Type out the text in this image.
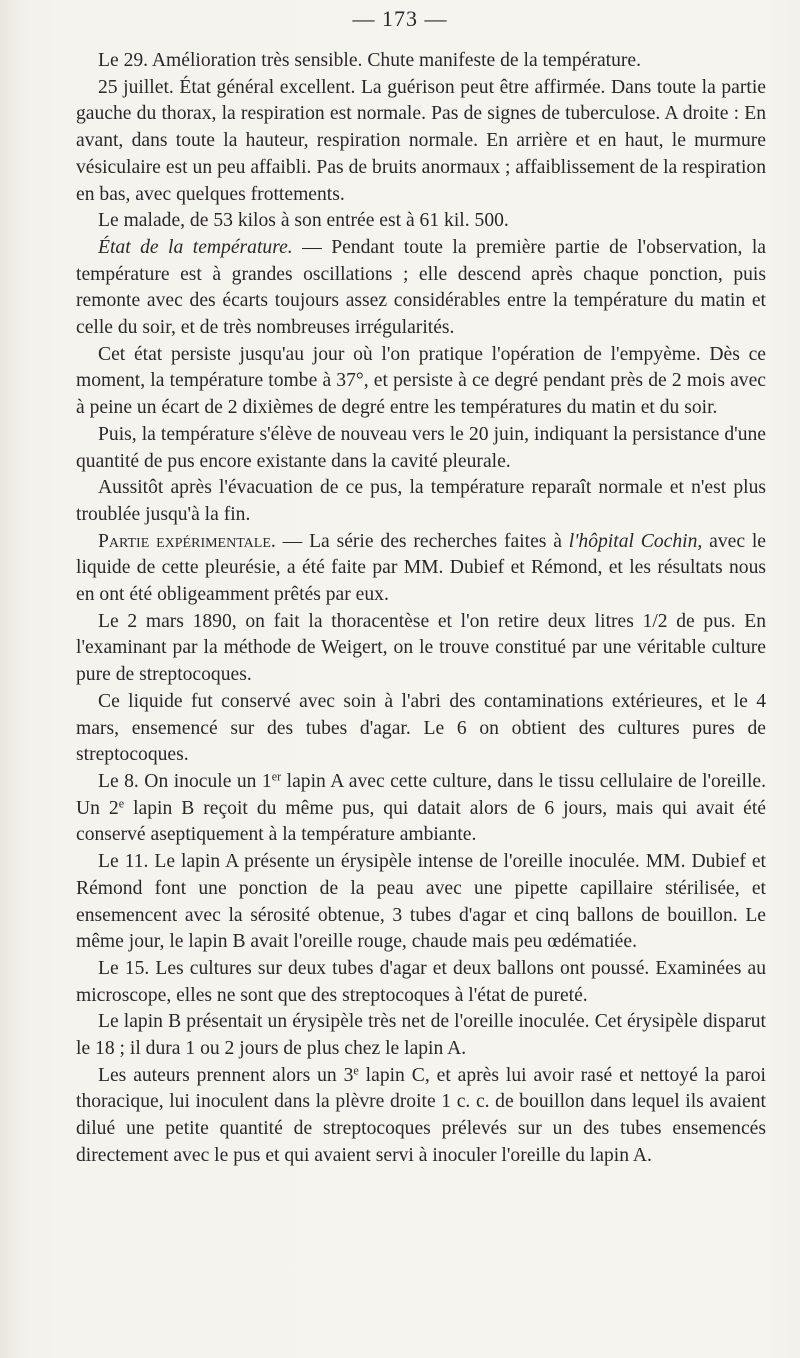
— 173 —

Le 29. Amélioration très sensible. Chute manifeste de la température.

25 juillet. État général excellent. La guérison peut être affirmée. Dans toute la partie gauche du thorax, la respiration est normale. Pas de signes de tuberculose. A droite : En avant, dans toute la hauteur, respiration normale. En arrière et en haut, le murmure vésiculaire est un peu affaibli. Pas de bruits anormaux ; affaiblissement de la respiration en bas, avec quelques frottements.

Le malade, de 53 kilos à son entrée est à 61 kil. 500.

État de la température. — Pendant toute la première partie de l'observation, la température est à grandes oscillations ; elle descend après chaque ponction, puis remonte avec des écarts toujours assez considérables entre la température du matin et celle du soir, et de très nombreuses irrégularités.

Cet état persiste jusqu'au jour où l'on pratique l'opération de l'empyème. Dès ce moment, la température tombe à 37°, et persiste à ce degré pendant près de 2 mois avec à peine un écart de 2 dixièmes de degré entre les températures du matin et du soir.

Puis, la température s'élève de nouveau vers le 20 juin, indiquant la persistance d'une quantité de pus encore existante dans la cavité pleurale.

Aussitôt après l'évacuation de ce pus, la température reparaît normale et n'est plus troublée jusqu'à la fin.

Partie expérimentale. — La série des recherches faites à l'hôpital Cochin, avec le liquide de cette pleurésie, a été faite par MM. Dubief et Rémond, et les résultats nous en ont été obligeamment prêtés par eux.

Le 2 mars 1890, on fait la thoracentèse et l'on retire deux litres 1/2 de pus. En l'examinant par la méthode de Weigert, on le trouve constitué par une véritable culture pure de streptocoques.

Ce liquide fut conservé avec soin à l'abri des contaminations extérieures, et le 4 mars, ensemencé sur des tubes d'agar. Le 6 on obtient des cultures pures de streptocoques.

Le 8. On inocule un 1er lapin A avec cette culture, dans le tissu cellulaire de l'oreille. Un 2e lapin B reçoit du même pus, qui datait alors de 6 jours, mais qui avait été conservé aseptiquement à la température ambiante.

Le 11. Le lapin A présente un érysipèle intense de l'oreille inoculée. MM. Dubief et Rémond font une ponction de la peau avec une pipette capillaire stérilisée, et ensemencent avec la sérosité obtenue, 3 tubes d'agar et cinq ballons de bouillon. Le même jour, le lapin B avait l'oreille rouge, chaude mais peu œdématiée.

Le 15. Les cultures sur deux tubes d'agar et deux ballons ont poussé. Examinées au microscope, elles ne sont que des streptocoques à l'état de pureté.

Le lapin B présentait un érysipèle très net de l'oreille inoculée. Cet érysipèle disparut le 18 ; il dura 1 ou 2 jours de plus chez le lapin A.

Les auteurs prennent alors un 3e lapin C, et après lui avoir rasé et nettoyé la paroi thoracique, lui inoculent dans la plèvre droite 1 c. c. de bouillon dans lequel ils avaient dilué une petite quantité de streptocoques prélevés sur un des tubes ensemencés directement avec le pus et qui avaient servi à inoculer l'oreille du lapin A.
